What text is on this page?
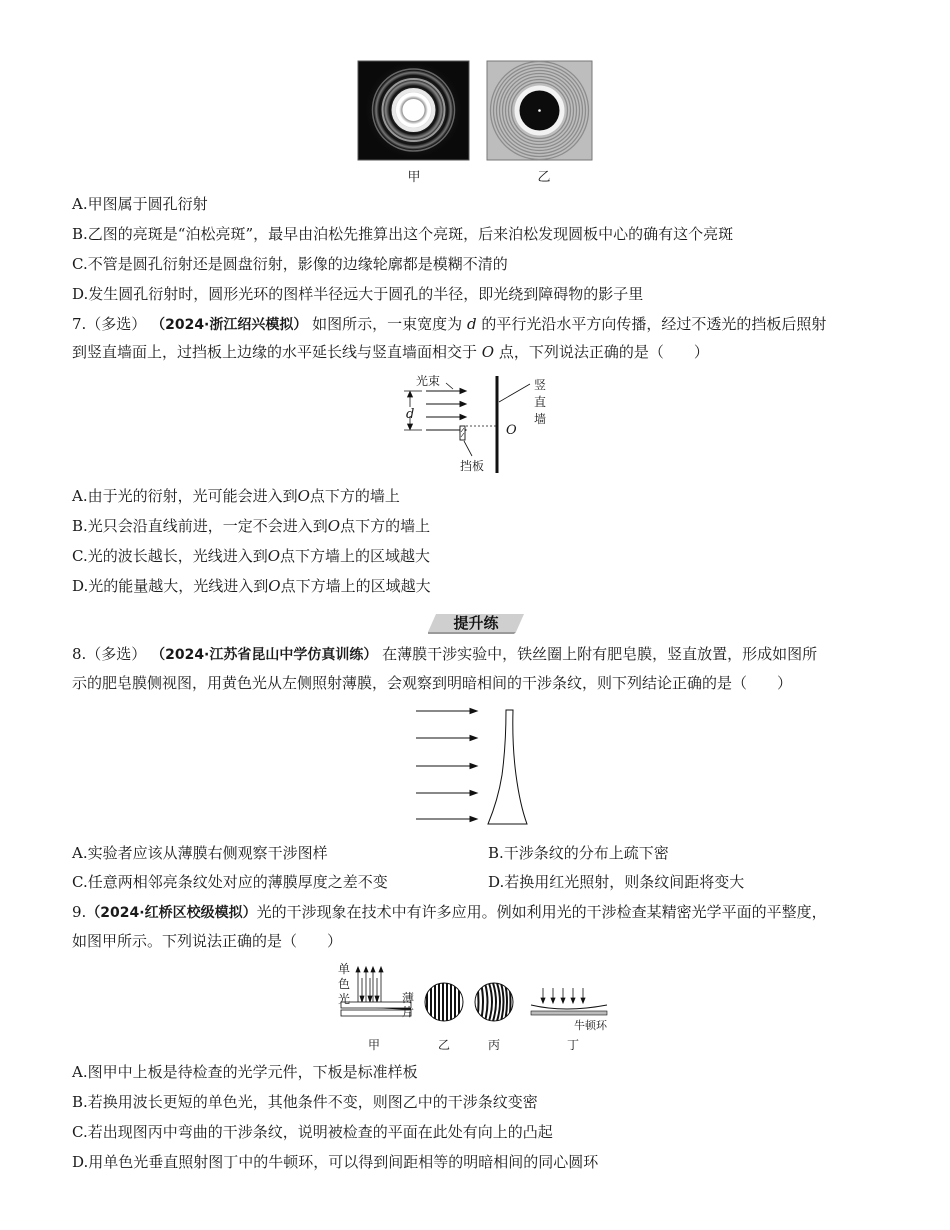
甲	乙
A.甲图属于圆孔衍射
B.乙图的亮斑是“泊松亮斑”，最早由泊松先推算出这个亮斑，后来泊松发现圆板中心的确有这个亮斑
C.不管是圆孔衍射还是圆盘衍射，影像的边缘轮廓都是模糊不清的
D.发生圆孔衍射时，圆形光环的图样半径远大于圆孔的半径，即光绕到障碍物的影子里
7.（多选） （2024·浙江绍兴模拟） 如图所示，一束宽度为 d 的平行光沿水平方向传播，经过不透光的挡板后照射
到竖直墙面上，过挡板上边缘的水平延长线与竖直墙面相交于 O 点，下列说法正确的是（　　）
光束	竖
直
墙
d
O
挡板
A.由于光的衍射，光可能会进入到O点下方的墙上
B.光只会沿直线前进，一定不会进入到O点下方的墙上
C.光的波长越长，光线进入到O点下方墙上的区域越大
D.光的能量越大，光线进入到O点下方墙上的区域越大
提升练
8.（多选） （2024·江苏省昆山中学仿真训练） 在薄膜干涉实验中，铁丝圈上附有肥皂膜，竖直放置，形成如图所
示的肥皂膜侧视图，用黄色光从左侧照射薄膜，会观察到明暗相间的干涉条纹，则下列结论正确的是（　　）
A.实验者应该从薄膜右侧观察干涉图样	B.干涉条纹的分布上疏下密
C.任意两相邻亮条纹处对应的薄膜厚度之差不变	D.若换用红光照射，则条纹间距将变大
9.（2024·红桥区校级模拟）光的干涉现象在技术中有许多应用。例如利用光的干涉检查某精密光学平面的平整度，
如图甲所示。下列说法正确的是（　　）
单
色
光	薄
片
牛顿环
甲	乙	丙	丁
A.图甲中上板是待检查的光学元件，下板是标准样板
B.若换用波长更短的单色光，其他条件不变，则图乙中的干涉条纹变密
C.若出现图丙中弯曲的干涉条纹，说明被检查的平面在此处有向上的凸起
D.用单色光垂直照射图丁中的牛顿环，可以得到间距相等的明暗相间的同心圆环
